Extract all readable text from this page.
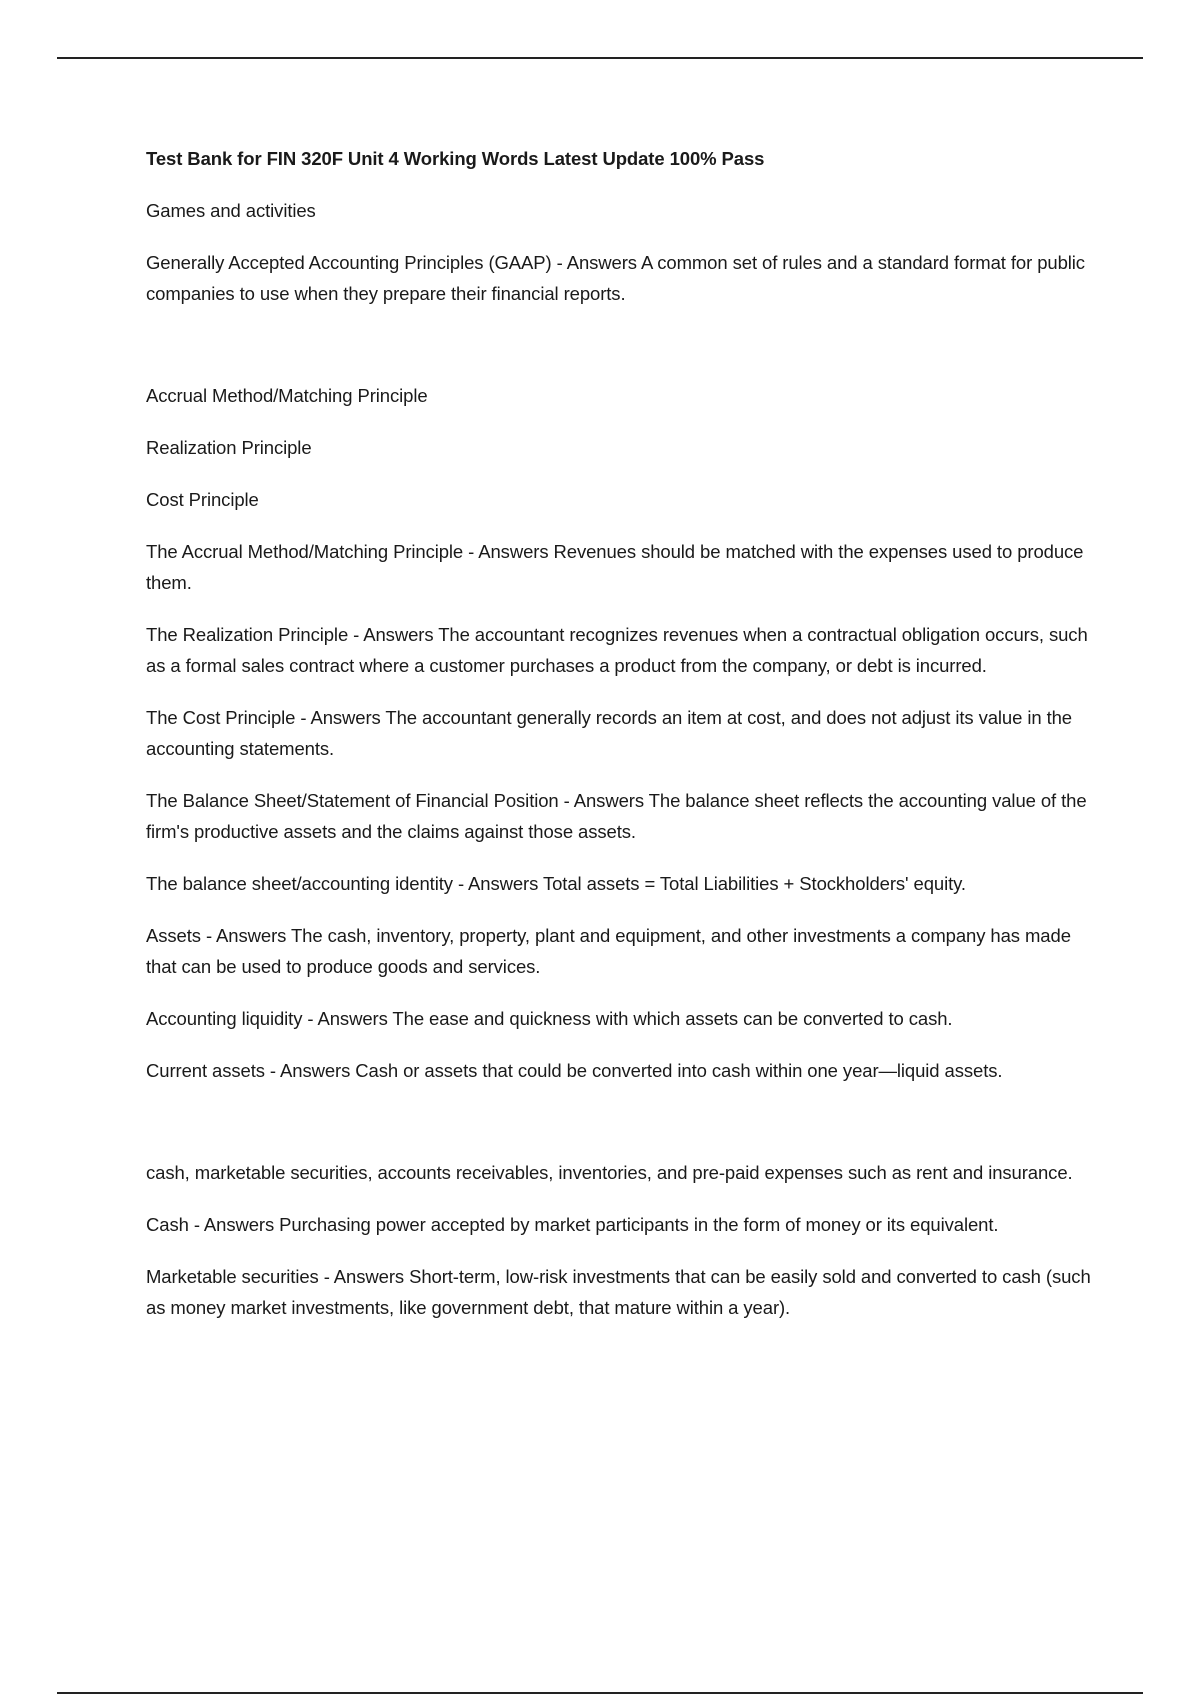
Test Bank for FIN 320F Unit 4 Working Words Latest Update 100% Pass

Games and activities

Generally Accepted Accounting Principles (GAAP) - Answers A common set of rules and a standard format for public companies to use when they prepare their financial reports.

Accrual Method/Matching Principle

Realization Principle

Cost Principle

The Accrual Method/Matching Principle - Answers Revenues should be matched with the expenses used to produce them.

The Realization Principle - Answers The accountant recognizes revenues when a contractual obligation occurs, such as a formal sales contract where a customer purchases a product from the company, or debt is incurred.

The Cost Principle - Answers The accountant generally records an item at cost, and does not adjust its value in the accounting statements.

The Balance Sheet/Statement of Financial Position - Answers The balance sheet reflects the accounting value of the firm's productive assets and the claims against those assets.

The balance sheet/accounting identity - Answers Total assets = Total Liabilities + Stockholders' equity.

Assets - Answers The cash, inventory, property, plant and equipment, and other investments a company has made that can be used to produce goods and services.

Accounting liquidity - Answers The ease and quickness with which assets can be converted to cash.

Current assets - Answers Cash or assets that could be converted into cash within one year—liquid assets.

cash, marketable securities, accounts receivables, inventories, and pre-paid expenses such as rent and insurance.

Cash - Answers Purchasing power accepted by market participants in the form of money or its equivalent.

Marketable securities - Answers Short-term, low-risk investments that can be easily sold and converted to cash (such as money market investments, like government debt, that mature within a year).
